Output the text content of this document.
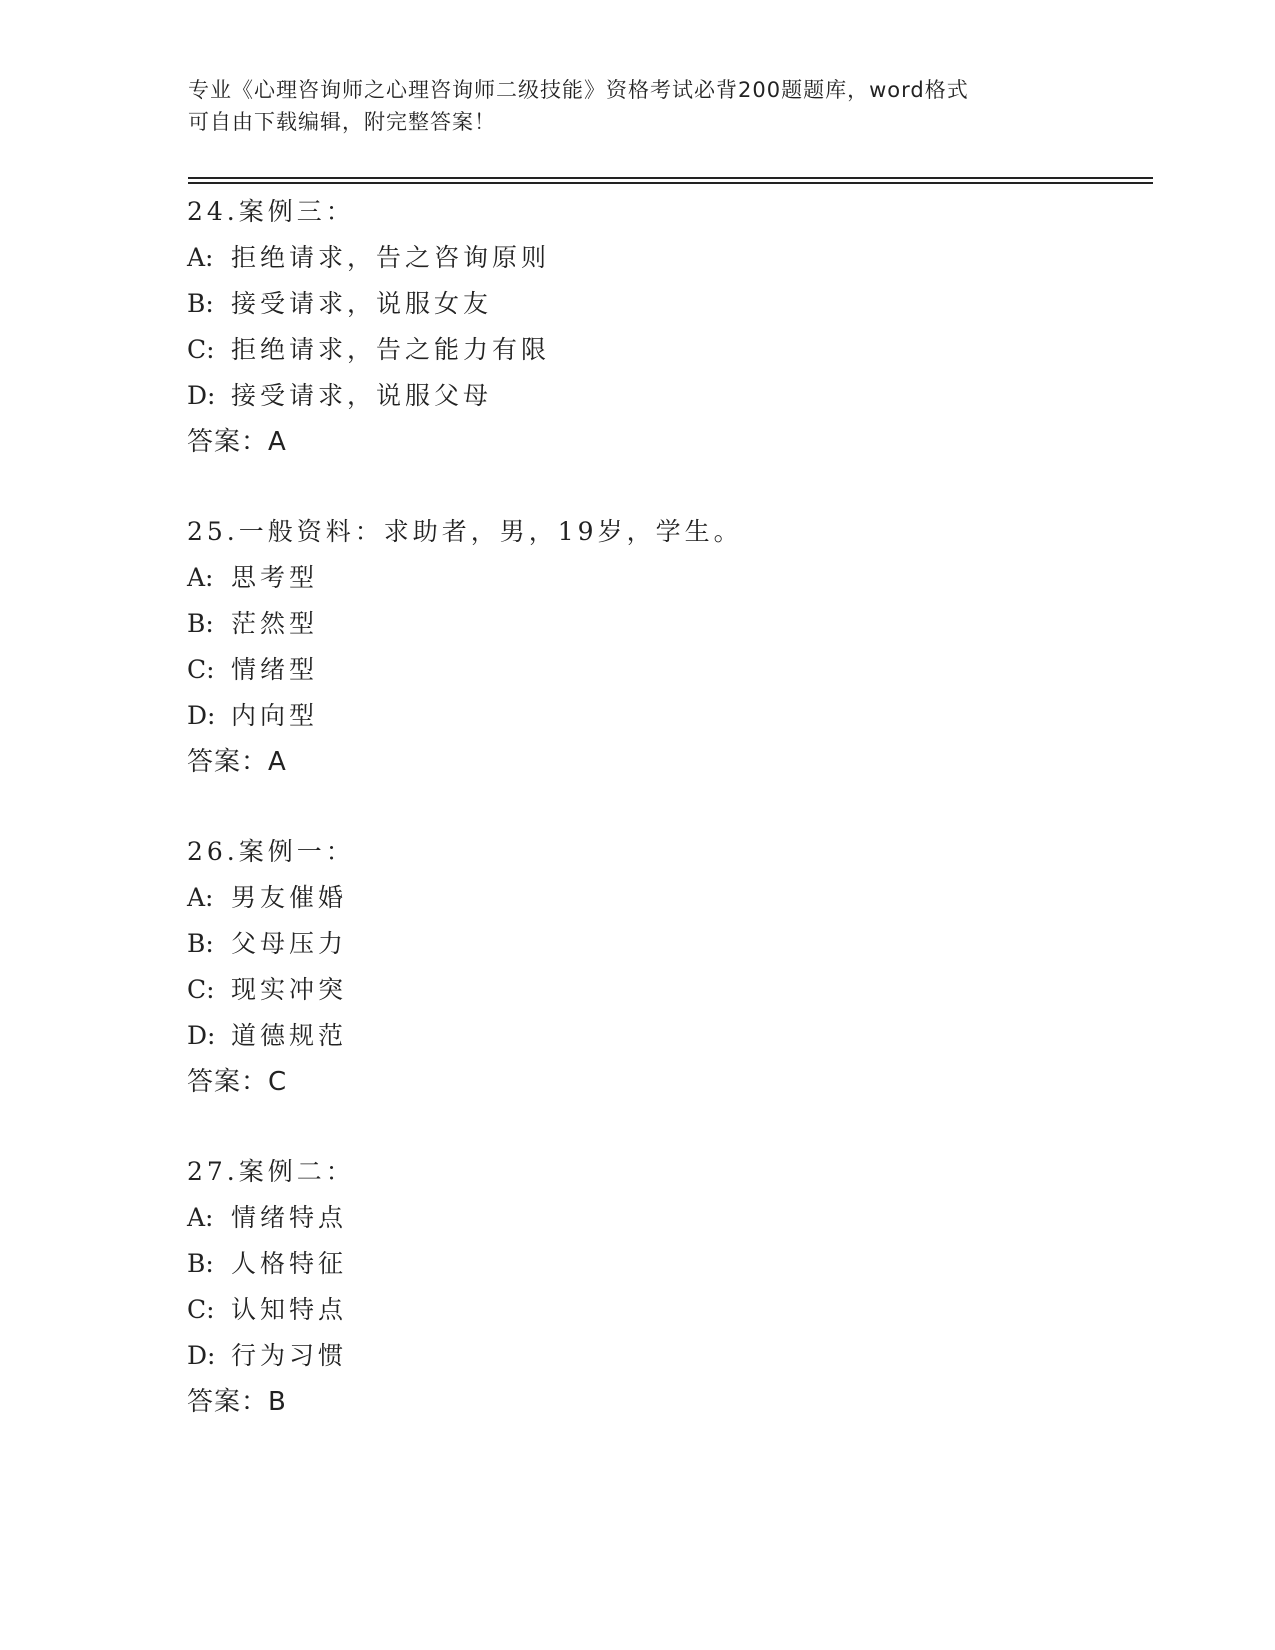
专业《心理咨询师之心理咨询师二级技能》资格考试必背200题题库，word格式

可自由下载编辑，附完整答案！

24.案例三：
A: 拒绝请求，告之咨询原则
B: 接受请求，说服女友
C: 拒绝请求，告之能力有限
D: 接受请求，说服父母
答案：A
25.一般资料：求助者，男，19岁，学生。
A: 思考型
B: 茫然型
C: 情绪型
D: 内向型
答案：A
26.案例一：
A: 男友催婚
B: 父母压力
C: 现实冲突
D: 道德规范
答案：C
27.案例二：
A: 情绪特点
B: 人格特征
C: 认知特点
D: 行为习惯
答案：B
